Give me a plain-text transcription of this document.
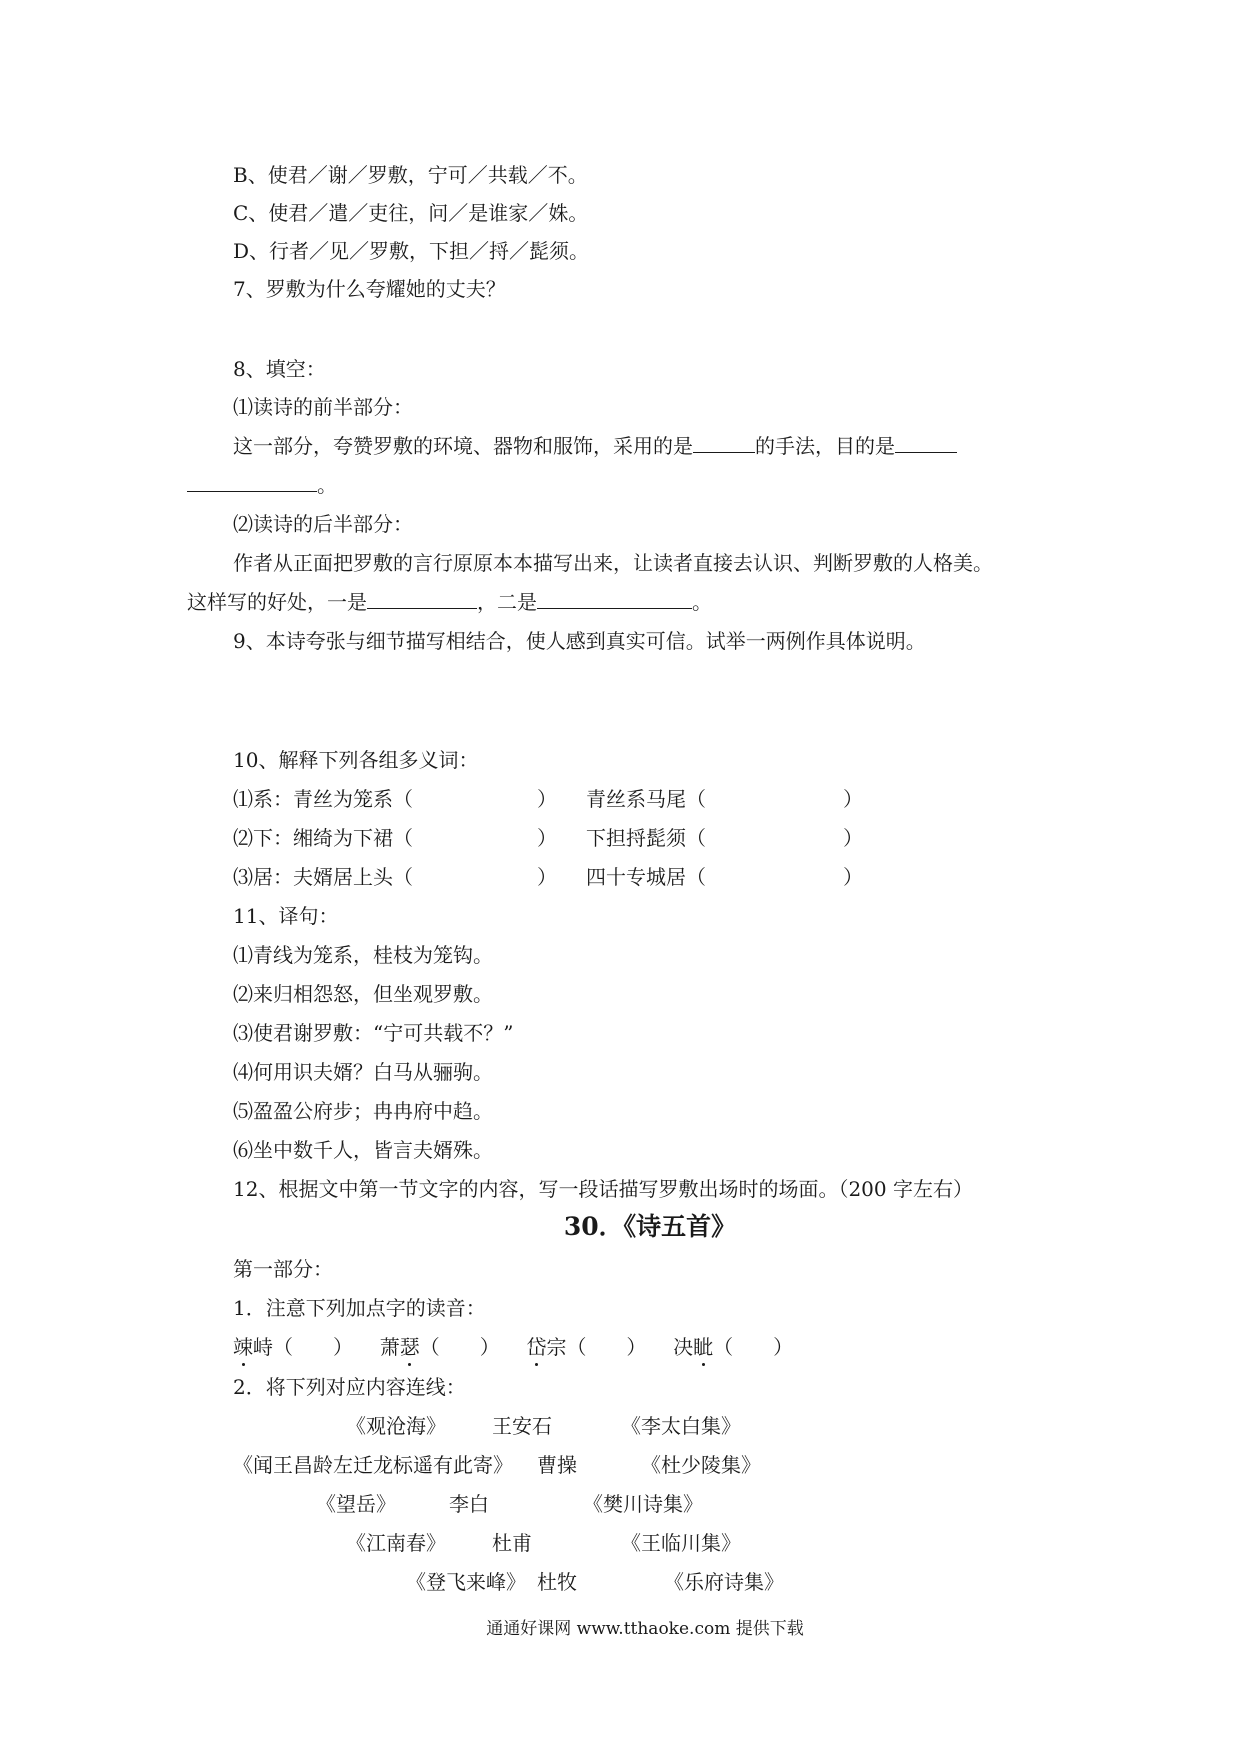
B、使君／谢／罗敷，宁可／共载／不。
C、使君／遣／吏往，问／是谁家／姝。
D、行者／见／罗敷，下担／捋／髭须。
7、罗敷为什么夸耀她的丈夫？
8、填空：
⑴读诗的前半部分：
这一部分，夸赞罗敷的环境、器物和服饰，采用的是	的手法，目的是
。
⑵读诗的后半部分：
作者从正面把罗敷的言行原原本本描写出来，让读者直接去认识、判断罗敷的人格美。
这样写的好处，一是	，二是	。
9、本诗夸张与细节描写相结合，使人感到真实可信。试举一两例作具体说明。
10、解释下列各组多义词：
⑴系：青丝为笼系（	） 青丝系马尾（	）
⑵下：缃绮为下裙（	） 下担捋髭须（	）
⑶居：夫婿居上头（	） 四十专城居（	）
11、译句：
⑴青线为笼系，桂枝为笼钩。
⑵来归相怨怒，但坐观罗敷。
⑶使君谢罗敷：“宁可共载不？”
⑷何用识夫婿？白马从骊驹。
⑸盈盈公府步；冉冉府中趋。
⑹坐中数千人，皆言夫婿殊。
12、根据文中第一节文字的内容，写一段话描写罗敷出场时的场面。（200 字左右）
30．《诗五首》
第一部分：
1．注意下列加点字的读音：
竦峙（　　） 萧瑟（　　） 岱宗（　　） 决眦（　　）
2．将下列对应内容连线：
《观沧海》 王安石	《李太白集》
《闻王昌龄左迁龙标遥有此寄》 曹操	《杜少陵集》
《望岳》	李白	《樊川诗集》
《江南春》 杜甫	《王临川集》
《登飞来峰》 杜牧	《乐府诗集》
通通好课网 www.tthaoke.com 提供下载
